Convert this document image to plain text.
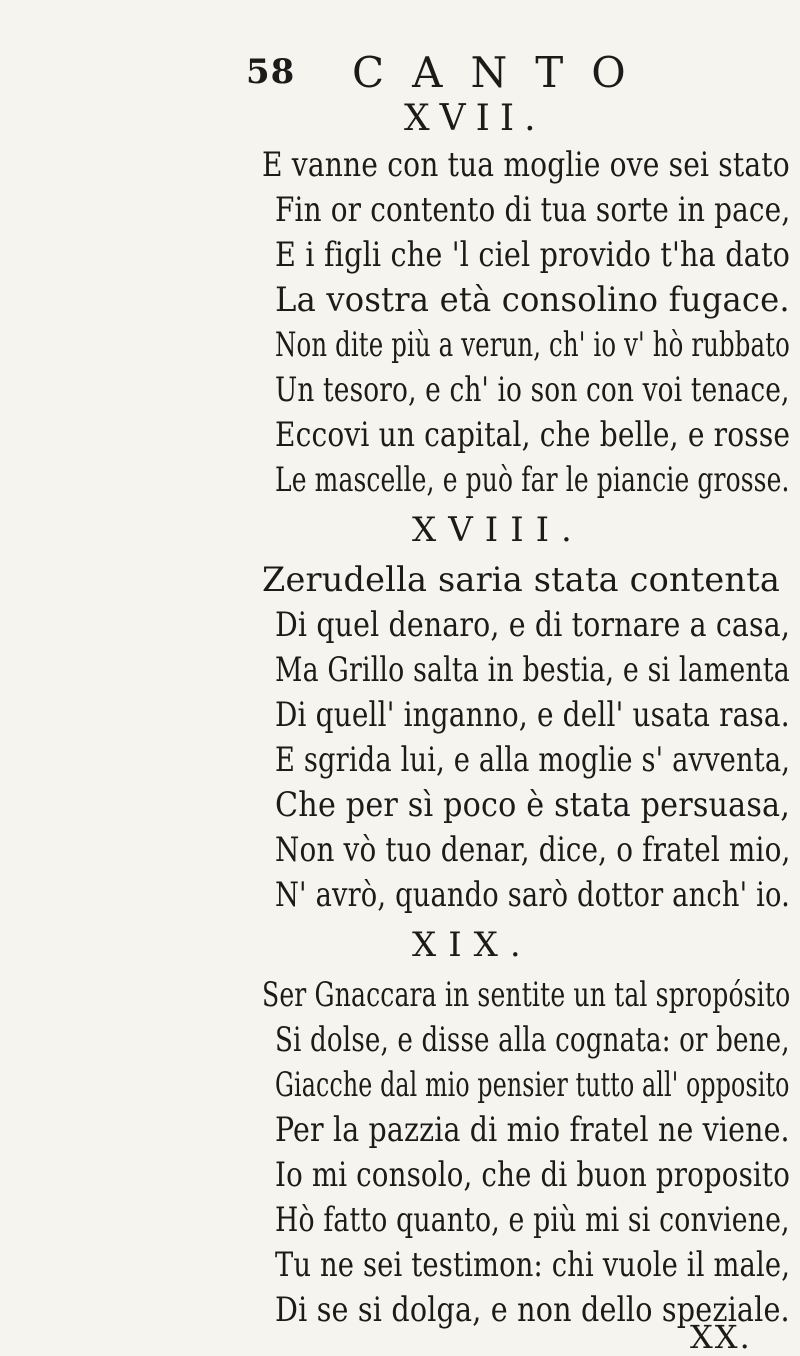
58 CANTO
XVII.
E vanne con tua moglie ove sei stato
Fin or contento di tua sorte in pace,
E i figli che 'l ciel provido t'ha dato
La vostra età consolino fugace.
Non dite più a verun, ch' io v' hò rubbato
Un tesoro, e ch' io son con voi tenace,
Eccovi un capital, che belle, e rosse
Le mascelle, e può far le piancie grosse.
XVIII.
Zerudella saria stata contenta
Di quel denaro, e di tornare a casa,
Ma Grillo salta in bestia, e si lamenta
Di quell' inganno, e dell' usata rasa.
E sgrida lui, e alla moglie s' avventa,
Che per sì poco è stata persuasa,
Non vò tuo denar, dice, o fratel mio,
N' avrò, quando sarò dottor anch' io.
XIX.
Ser Gnaccara in sentite un tal spropósito
Si dolse, e disse alla cognata: or bene,
Giacche dal mio pensier tutto all' opposito
Per la pazzia di mio fratel ne viene.
Io mi consolo, che di buon proposito
Hò fatto quanto, e più mi si conviene,
Tu ne sei testimon: chi vuole il male,
Di se si dolga, e non dello speziale.
XX.
